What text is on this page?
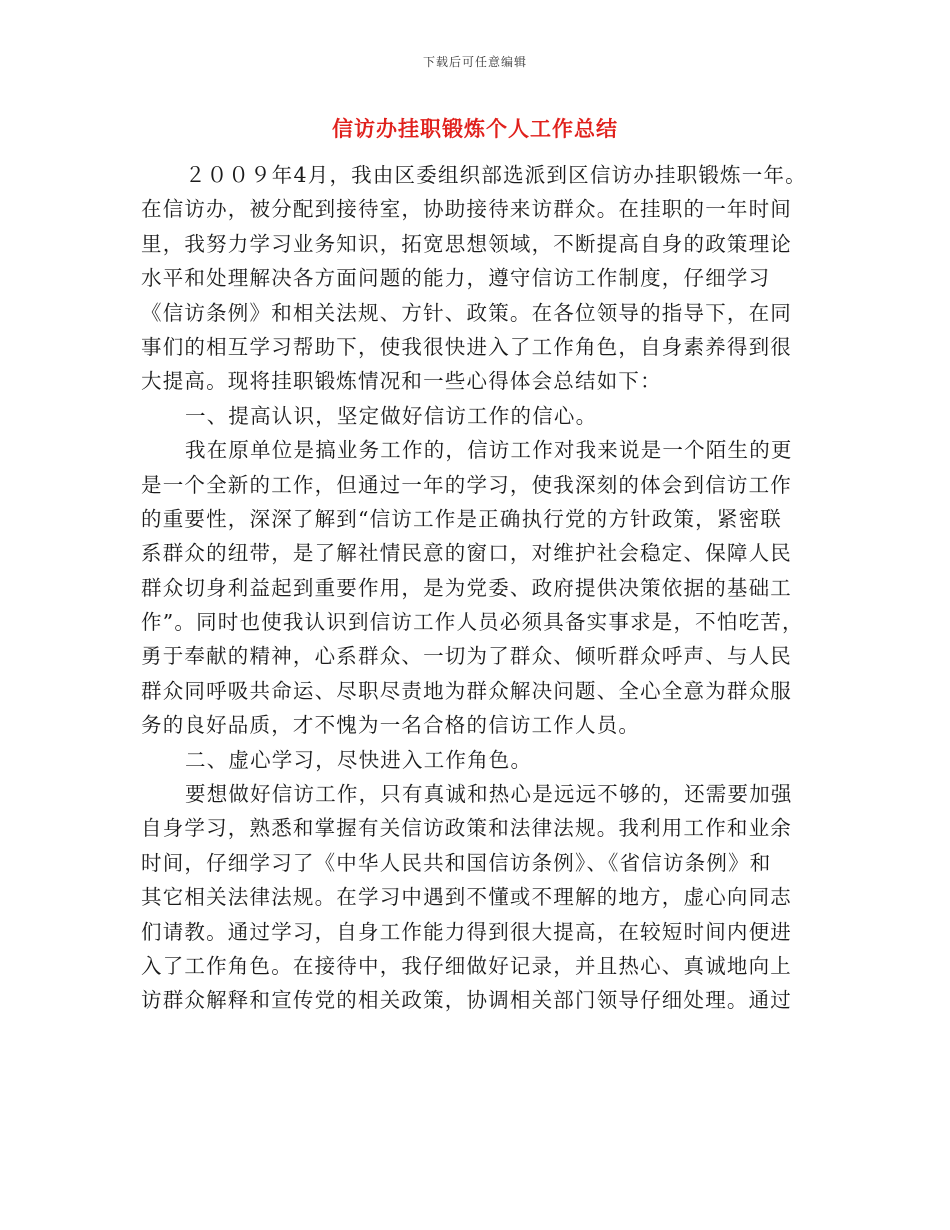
下载后可任意编辑
信访办挂职锻炼个人工作总结
２００９年4月，我由区委组织部选派到区信访办挂职锻炼一年。
在信访办，被分配到接待室，协助接待来访群众。在挂职的一年时间
里，我努力学习业务知识，拓宽思想领域，不断提高自身的政策理论
水平和处理解决各方面问题的能力，遵守信访工作制度，仔细学习
《信访条例》和相关法规、方针、政策。在各位领导的指导下，在同
事们的相互学习帮助下，使我很快进入了工作角色，自身素养得到很
大提高。现将挂职锻炼情况和一些心得体会总结如下：
一、提高认识，坚定做好信访工作的信心。
我在原单位是搞业务工作的，信访工作对我来说是一个陌生的更
是一个全新的工作，但通过一年的学习，使我深刻的体会到信访工作
的重要性，深深了解到“信访工作是正确执行党的方针政策，紧密联
系群众的纽带，是了解社情民意的窗口，对维护社会稳定、保障人民
群众切身利益起到重要作用，是为党委、政府提供决策依据的基础工
作”。同时也使我认识到信访工作人员必须具备实事求是，不怕吃苦，
勇于奉献的精神，心系群众、一切为了群众、倾听群众呼声、与人民
群众同呼吸共命运、尽职尽责地为群众解决问题、全心全意为群众服
务的良好品质，才不愧为一名合格的信访工作人员。
二、虚心学习，尽快进入工作角色。
要想做好信访工作，只有真诚和热心是远远不够的，还需要加强
自身学习，熟悉和掌握有关信访政策和法律法规。我利用工作和业余
时间，仔细学习了《中华人民共和国信访条例》、《省信访条例》和
其它相关法律法规。在学习中遇到不懂或不理解的地方，虚心向同志
们请教。通过学习，自身工作能力得到很大提高，在较短时间内便进
入了工作角色。在接待中，我仔细做好记录，并且热心、真诚地向上
访群众解释和宣传党的相关政策，协调相关部门领导仔细处理。通过
